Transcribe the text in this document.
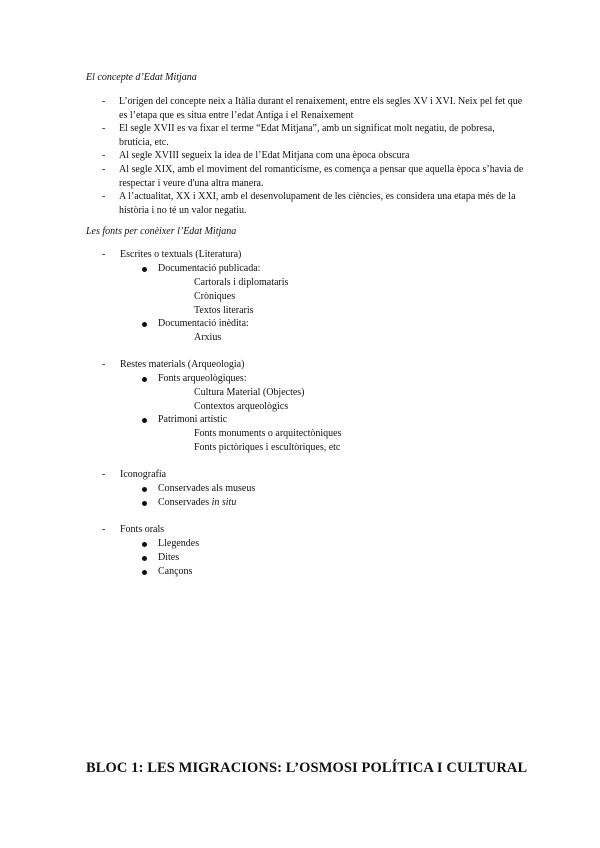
El concepte d’Edat Mitjana
- L’origen del concepte neix a Itàlia durant el renaixement, entre els segles XV i XVI. Neix pel fet que es l’etapa que es situa entre l’edat Antiga i el Renaixement
- El segle XVII es va fixar el terme “Edat Mitjana”, amb un significat molt negatiu, de pobresa, brutícia, etc.
- Al segle XVIII segueix la idea de l’Edat Mitjana com una època obscura
- Al segle XIX, amb el moviment del romanticisme, es comença a pensar que aquella època s’havia de respectar i veure d'una altra manera.
- A l’actualitat, XX i XXI, amb el desenvolupament de les ciències, es considera una etapa més de la història i no té un valor negatiu.
Les fonts per conèixer l’Edat Mitjana
- Escrites o textuals (Literatura)
Documentació publicada:
Cartorals i diplomataris
Cròniques
Textos literaris
Documentació inèdita:
Arxius
- Restes materials (Arqueologia)
Fonts arqueològiques:
Cultura Material (Objectes)
Contextos arqueològics
Patrimoni artístic
Fonts monuments o arquitectòniques
Fonts pictòriques i escultòriques, etc
- Iconografia
Conservades als museus
Conservades in situ
- Fonts orals
Llegendes
Dites
Cançons
BLOC 1: LES MIGRACIONS: L’OSMOSI POLÍTICA I CULTURAL
